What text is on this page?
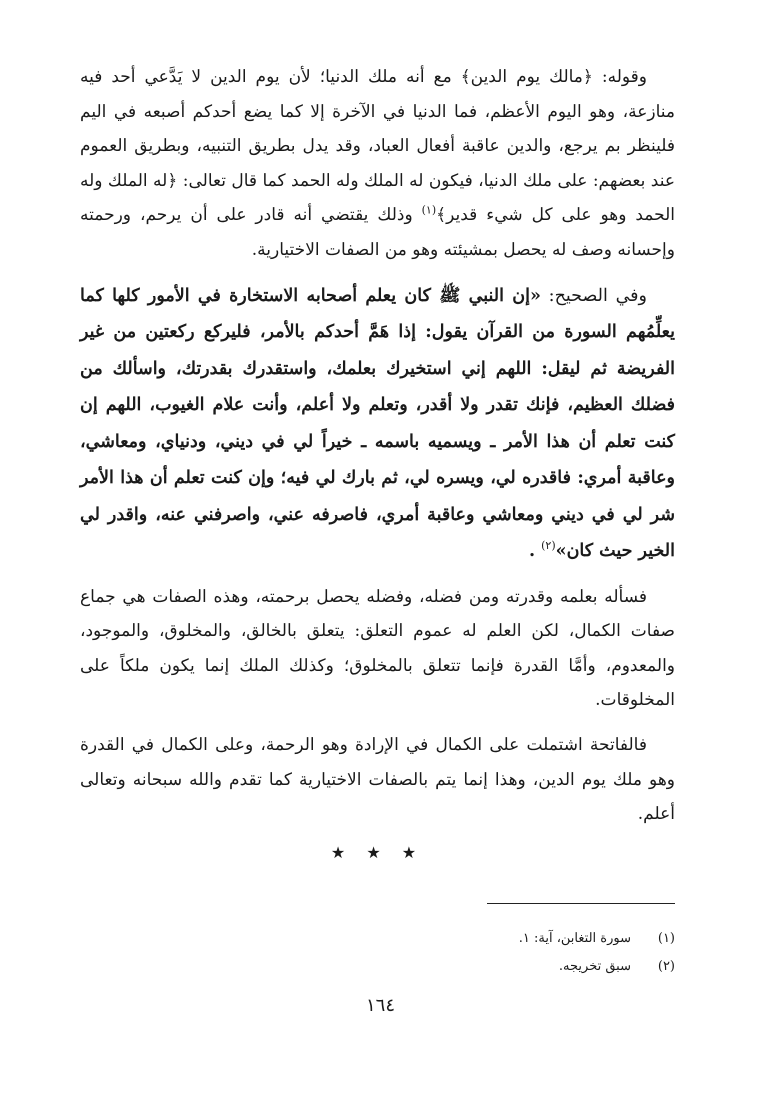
وقوله: ﴿مالك يوم الدين﴾ مع أنه ملك الدنيا؛ لأن يوم الدين لا يَدَّعي أحد فيه منازعة، وهو اليوم الأعظم، فما الدنيا في الآخرة إلا كما يضع أحدكم أصبعه في اليم فلينظر بم يرجع، والدين عاقبة أفعال العباد، وقد يدل بطريق التنبيه، وبطريق العموم عند بعضهم: على ملك الدنيا، فيكون له الملك وله الحمد كما قال تعالى: ﴿له الملك وله الحمد وهو على كل شيء قدير﴾$^{(١)}$ وذلك يقتضي أنه قادر على أن يرحم، ورحمته وإحسانه وصف له يحصل بمشيئته وهو من الصفات الاختيارية.

وفي الصحيح: «إن النبي ﷺ كان يعلم أصحابه الاستخارة في الأمور كلها كما يعلِّمُهم السورة من القرآن يقول: إذا هَمَّ أحدكم بالأمر، فليركع ركعتين من غير الفريضة ثم ليقل: اللهم إني استخيرك بعلمك، واستقدرك بقدرتك، واسألك من فضلك العظيم، فإنك تقدر ولا أقدر، وتعلم ولا أعلم، وأنت علام الغيوب، اللهم إن كنت تعلم أن هذا الأمر ـ ويسميه باسمه ـ خيراً لي في ديني، ودنياي، ومعاشي، وعاقبة أمري: فاقدره لي، ويسره لي، ثم بارك لي فيه؛ وإن كنت تعلم أن هذا الأمر شر لي في ديني ومعاشي وعاقبة أمري، فاصرفه عني، واصرفني عنه، واقدر لي الخير حيث كان»$^{(٢)}$ .

فسأله بعلمه وقدرته ومن فضله، وفضله يحصل برحمته، وهذه الصفات هي جماع صفات الكمال، لكن العلم له عموم التعلق: يتعلق بالخالق، والمخلوق، والموجود، والمعدوم، وأمَّا القدرة فإنما تتعلق بالمخلوق؛ وكذلك الملك إنما يكون ملكاً على المخلوقات.

فالفاتحة اشتملت على الكمال في الإرادة وهو الرحمة، وعلى الكمال في القدرة وهو ملك يوم الدين، وهذا إنما يتم بالصفات الاختيارية كما تقدم والله سبحانه وتعالى أعلم.

★ ★ ★
(١)
سورة التغابن، آية: ١.
(٢)
سبق تخريجه.
١٦٤
